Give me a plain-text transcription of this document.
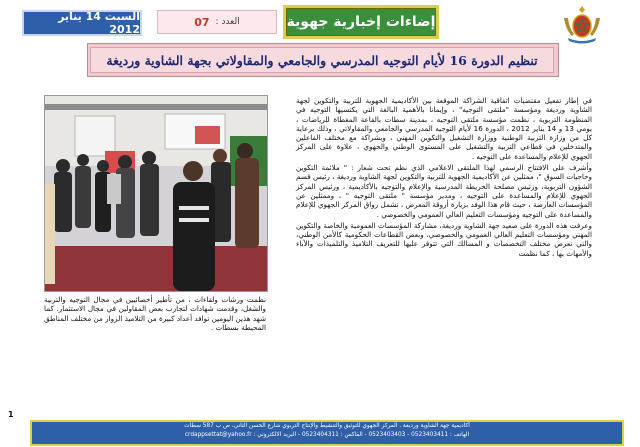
السبت 14 يناير 2012
العدد :
07	إضاءات إخبارية جهوية
تنظيم الدورة 16 لأيام التوجيه المدرسي والجامعي والمقاولاتي بجهة الشاوية ورديغة

في إطار تفعيل مقتضيات اتفاقية الشراكة الموقعة بين الأكاديمية الجهوية للتربية والتكوين لجهة الشاوية ورديغة ومؤسسة "ملتقى التوجيه" ، وإيمانا بالأهمية البالغة التي يكتسيها التوجيه في المنظومة التربوية ، نظمت مؤسسة ملتقى التوجيه ، بمدينة سطات بالقاعة المغطاة للرياضات ، يومي 13 و 14 يناير 2012 ، الدورة 16 لأيام التوجيه المدرسي والجامعي والمقاولاتي ، وذلك برعاية كل من وزارة التربية الوطنية ووزارة التشغيل والتكوين المهني ، وبشراكة مع مختلف الفاعلين والمتدخلين في قطاعي التربية والتشغيل على المستوى الوطني والجهوي ، علاوة على المركز الجهوي للإعلام والمساعدة على التوجيه .

وأشرف على الافتتاح الرسمي لهذا الملتقى الاعلامي الذي نظم تحت شعار : " ملائمة التكوين وحاجيات السوق "، ممثلين عن الأكاديمية الجهوية للتربية والتكوين لجهة الشاوية ورديغة ، رئيس قسم الشؤون التربوية، ورئيس مصلحة الخريطة المدرسية والإعلام والتوجيه بالأكاديمية ، ورئيس المركز الجهوي للإعلام والمساعدة على التوجيه ، ومدير مؤسسة " ملتقى التوجيه " ، وممثلين عن المؤسسات العارضة ، حيث قام هذا الوفد بزيارة أروقة المعرض ، تشمل رواق المركز الجهوي للإعلام والمساعدة على التوجيه ومؤسسات التعليم العالي العمومي والخصوصي .

وعرفت هذه الدورة على صعيد جهة الشاوية ورديغة، مشاركة المؤسسات العمومية والخاصة والتكوين المهني ومؤسسات التعليم العالي العمومي والخصوصي، وبعض القطاعات الحكومية كالأمن الوطني، والتي تعرض مختلف التخصصات و المسالك التي تتوفر عليها للتعريف التلاميذ والتلميذات والآباء والأمهات بها ، كما نظمت

نظمت ورشات ولقاءات ، من تأطير أخصائيين في مجال التوجيه والتربية والشغل، وقدمت شهادات لتجارب بعض المقاولين في مجال الاستثمار. كما شهد هذين اليومين توافد أعداد كبيرة من التلاميذ الزوار من مختلف المناطق المحيطة بسطات .
1
أكاديمية جهة الشاوية ورديغة . المركز الجهوي للتوثيق والتنشيط والإنتاج التربوي شارع الحسن الثاني، ص ب 587 سطات
الهاتف : 0523403411 - 0523403403 - الفاكس : 0523404311 - البريد الالكتروني : crdappsettat@yahoo.fr
